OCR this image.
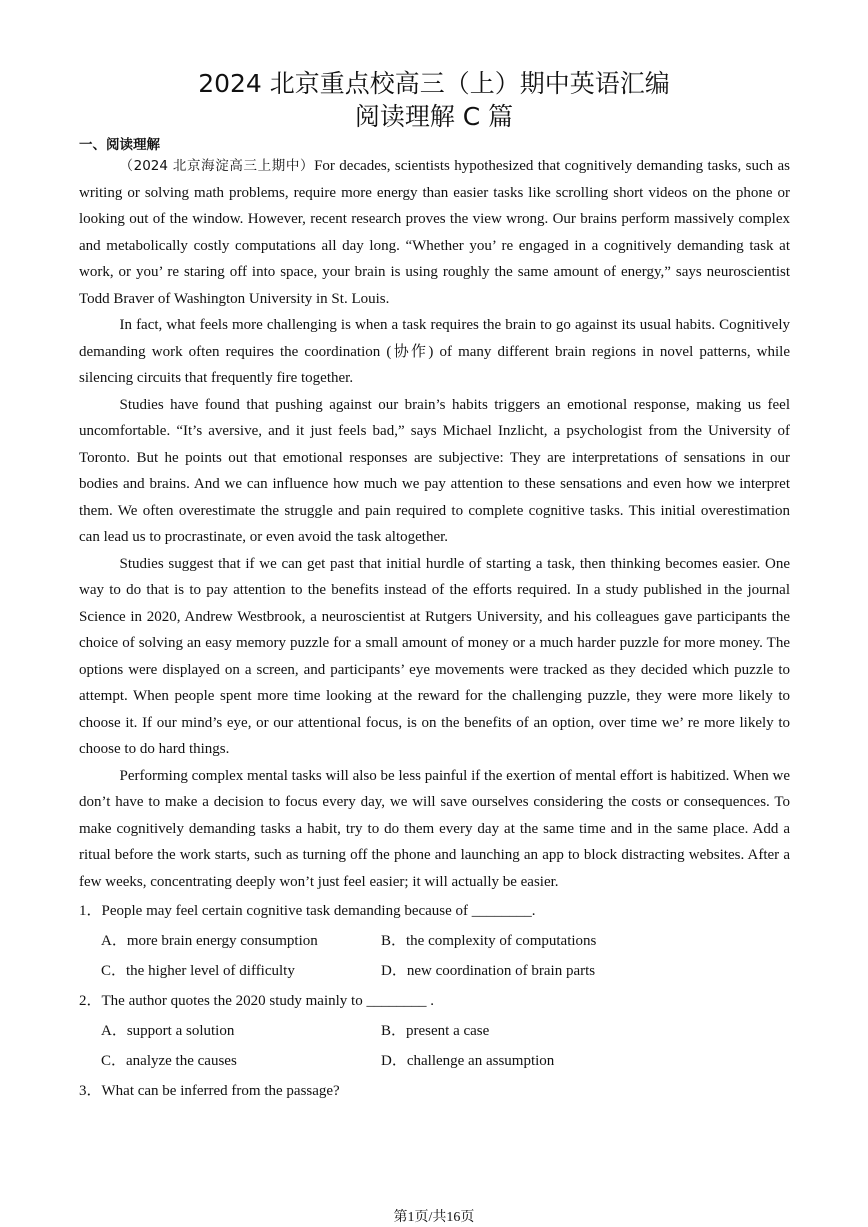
2024 北京重点校高三（上）期中英语汇编
阅读理解 C 篇
一、阅读理解

（2024 北京海淀高三上期中）For decades, scientists hypothesized that cognitively demanding tasks, such as writing or solving math problems, require more energy than easier tasks like scrolling short videos on the phone or looking out of the window. However, recent research proves the view wrong. Our brains perform massively complex and metabolically costly computations all day long. “Whether you’ re engaged in a cognitively demanding task at work, or you’ re staring off into space, your brain is using roughly the same amount of energy,” says neuroscientist Todd Braver of Washington University in St. Louis.

In fact, what feels more challenging is when a task requires the brain to go against its usual habits. Cognitively demanding work often requires the coordination (协作) of many different brain regions in novel patterns, while silencing circuits that frequently fire together.

Studies have found that pushing against our brain’s habits triggers an emotional response, making us feel uncomfortable. “It’s aversive, and it just feels bad,” says Michael Inzlicht, a psychologist from the University of Toronto. But he points out that emotional responses are subjective: They are interpretations of sensations in our bodies and brains. And we can influence how much we pay attention to these sensations and even how we interpret them. We often overestimate the struggle and pain required to complete cognitive tasks. This initial overestimation can lead us to procrastinate, or even avoid the task altogether.

Studies suggest that if we can get past that initial hurdle of starting a task, then thinking becomes easier. One way to do that is to pay attention to the benefits instead of the efforts required. In a study published in the journal Science in 2020, Andrew Westbrook, a neuroscientist at Rutgers University, and his colleagues gave participants the choice of solving an easy memory puzzle for a small amount of money or a much harder puzzle for more money. The options were displayed on a screen, and participants’ eye movements were tracked as they decided which puzzle to attempt. When people spent more time looking at the reward for the challenging puzzle, they were more likely to choose it. If our mind’s eye, or our attentional focus, is on the benefits of an option, over time we’ re more likely to choose to do hard things.

Performing complex mental tasks will also be less painful if the exertion of mental effort is habitized. When we don’t have to make a decision to focus every day, we will save ourselves considering the costs or consequences. To make cognitively demanding tasks a habit, try to do them every day at the same time and in the same place. Add a ritual before the work starts, such as turning off the phone and launching an app to block distracting websites. After a few weeks, concentrating deeply won’t just feel easier; it will actually be easier.

1．People may feel certain cognitive task demanding because of ________.
A．more brain energy consumption	B．the complexity of computations
C．the higher level of difficulty	D．new coordination of brain parts
2．The author quotes the 2020 study mainly to ________ .
A．support a solution	B．present a case
C．analyze the causes	D．challenge an assumption
3．What can be inferred from the passage?
第1页/共16页
